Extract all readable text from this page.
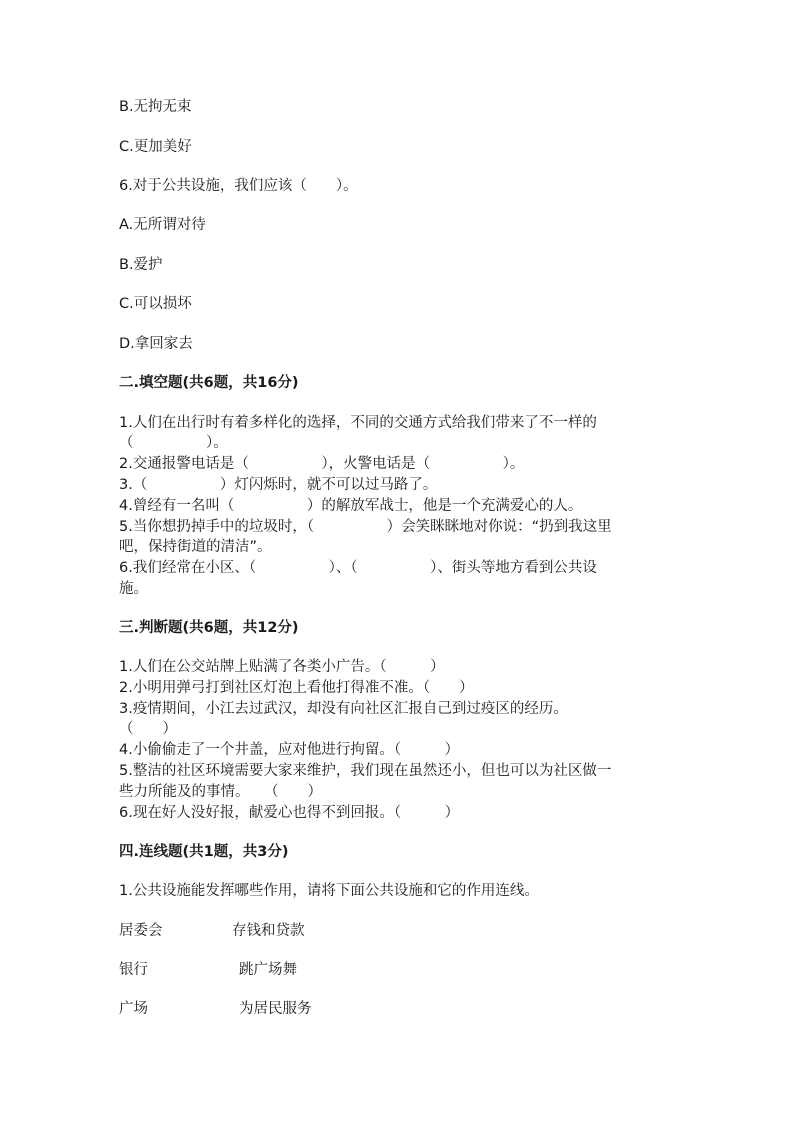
B.无拘无束
C.更加美好
6.对于公共设施，我们应该（　　）。
A.无所谓对待
B.爱护
C.可以损坏
D.拿回家去
二.填空题(共6题，共16分)
1.人们在出行时有着多样化的选择，不同的交通方式给我们带来了不一样的
（　　　　　）。
2.交通报警电话是（　　　　　），火警电话是（　　　　　）。
3.（　　　　　）灯闪烁时，就不可以过马路了。
4.曾经有一名叫（　　　　　）的解放军战士，他是一个充满爱心的人。
5.当你想扔掉手中的垃圾时，（　　　　　）会笑眯眯地对你说：“扔到我这里
吧，保持街道的清洁”。
6.我们经常在小区、（　　　　　）、（　　　　　）、街头等地方看到公共设
施。
三.判断题(共6题，共12分)
1.人们在公交站牌上贴满了各类小广告。（　　　）
2.小明用弹弓打到社区灯泡上看他打得准不准。（　　）
3.疫情期间，小江去过武汉，却没有向社区汇报自己到过疫区的经历。
（　　）
4.小偷偷走了一个井盖，应对他进行拘留。（　　　）
5.整洁的社区环境需要大家来维护，我们现在虽然还小，但也可以为社区做一
些力所能及的事情。　　（　　）
6.现在好人没好报，献爱心也得不到回报。（　　　）
四.连线题(共1题，共3分)
1.公共设施能发挥哪些作用，请将下面公共设施和它的作用连线。
居委会	存钱和贷款
银行	跳广场舞
广场	为居民服务
